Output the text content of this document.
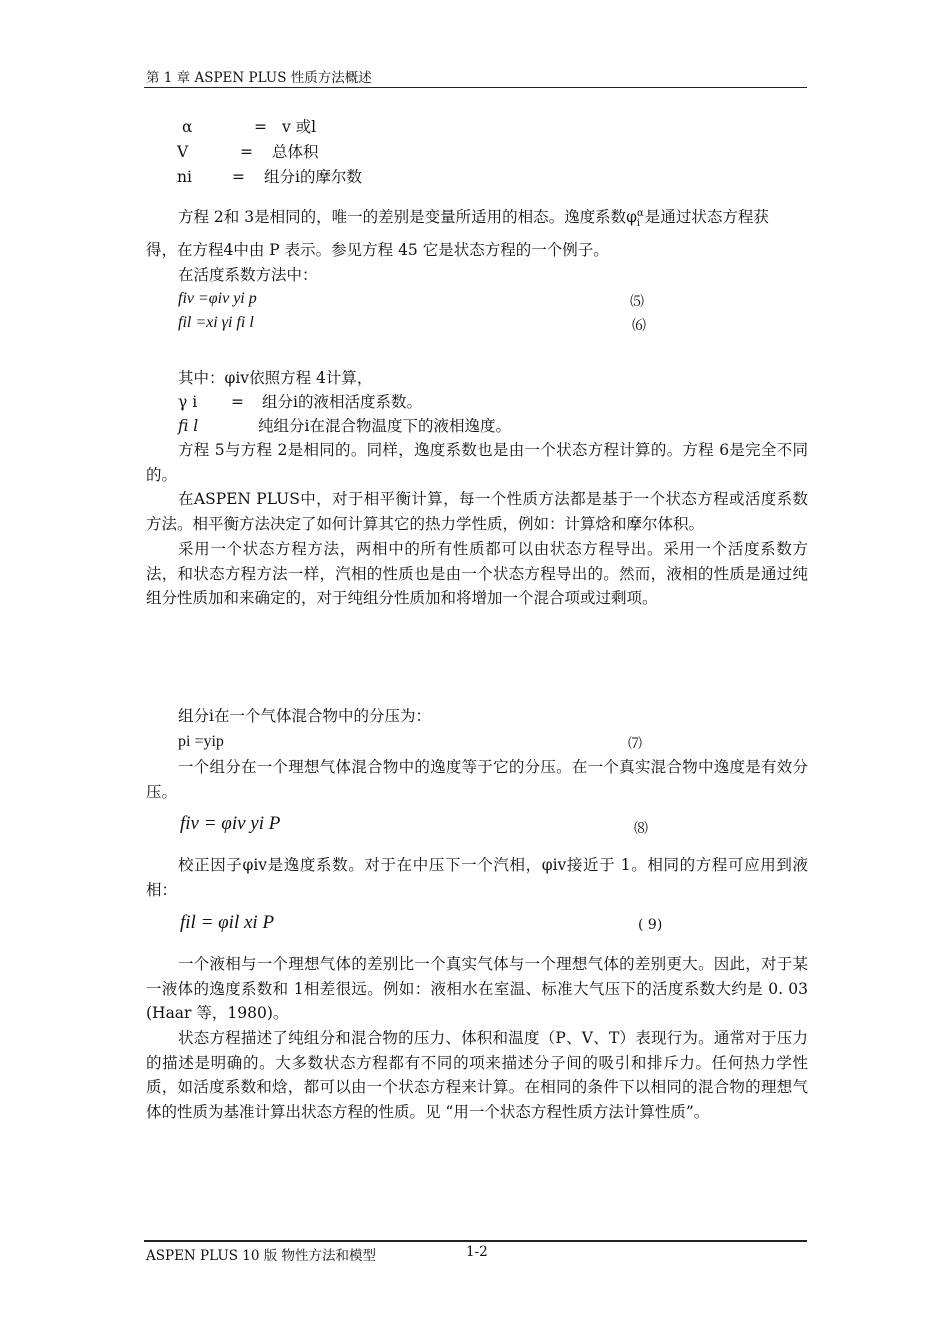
第 1 章 ASPEN PLUS 性质方法概述
α	= v 或l
V	= 总体积
ni	= 组分i的摩尔数
方程 2和 3是相同的，唯一的差别是变量所适用的相态。逸度系数$\varphi^\alpha_i$ 是通过状态方程获
得，在方程4中由 P 表示。参见方程 45 它是状态方程的一个例子。
在活度系数方法中：
fiv =φiv yi p	⑸
fil =xi γi fi l	⑹
其中：φiv依照方程 4计算，
γ i = 组分i的液相活度系数。
fi l	纯组分i在混合物温度下的液相逸度。
方程 5与方程 2是相同的。同样，逸度系数也是由一个状态方程计算的。方程 6是完全不同的。
在ASPEN PLUS中，对于相平衡计算，每一个性质方法都是基于一个状态方程或活度系数方法。相平衡方法决定了如何计算其它的热力学性质，例如：计算焓和摩尔体积。
采用一个状态方程方法，两相中的所有性质都可以由状态方程导出。采用一个活度系数方法，和状态方程方法一样，汽相的性质也是由一个状态方程导出的。然而，液相的性质是通过纯组分性质加和来确定的，对于纯组分性质加和将增加一个混合项或过剩项。
组分i在一个气体混合物中的分压为：
pi =yip	⑺
一个组分在一个理想气体混合物中的逸度等于它的分压。在一个真实混合物中逸度是有效分压。
fiv = φiv yi P	⑻
校正因子φiv是逸度系数。对于在中压下一个汽相，φiv接近于 1。相同的方程可应用到液相：
fil = φil xi P	( 9)
一个液相与一个理想气体的差别比一个真实气体与一个理想气体的差别更大。因此，对于某一液体的逸度系数和 1相差很远。例如：液相水在室温、标准大气压下的活度系数大约是 0. 03 (Haar 等，1980)。
状态方程描述了纯组分和混合物的压力、体积和温度（P、V、T）表现行为。通常对于压力的描述是明确的。大多数状态方程都有不同的项来描述分子间的吸引和排斥力。任何热力学性质，如活度系数和焓，都可以由一个状态方程来计算。在相同的条件下以相同的混合物的理想气体的性质为基准计算出状态方程的性质。见 “用一个状态方程性质方法计算性质”。
ASPEN PLUS 10 版 物性方法和模型	1-2
